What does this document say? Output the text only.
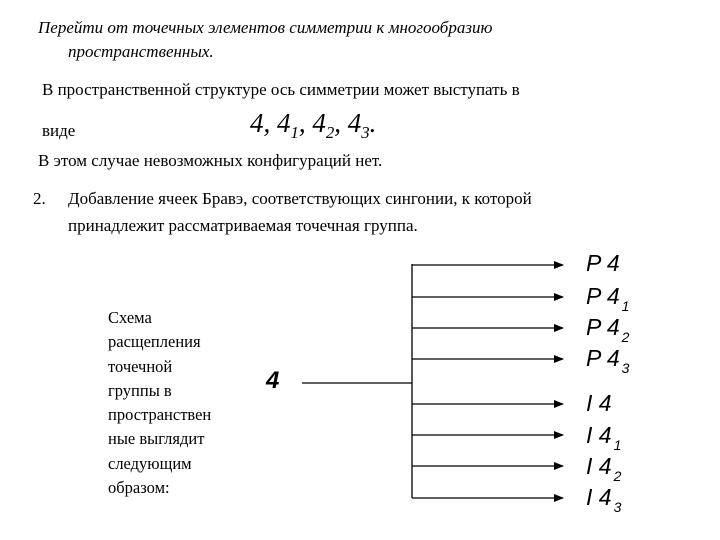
Перейти от точечных элементов симметрии к многообразию
пространственных.
В пространственной структуре ось симметрии может выступать в
виде	4, $4_1$, $4_2$, $4_3$.
В этом случае невозможных конфигураций нет.
2. Добавление ячеек Бравэ, соответствующих сингонии, к которой
принадлежит рассматриваемая точечная группа.
Схема
расщепления
точечной
группы в
пространствен
ные выглядит
следующим
образом:
4
P 4
P 4 $_1$
P 4 $_2$
P 4 $_3$
I 4
I 4 $_1$
I 4 $_2$
I 4 $_3$
